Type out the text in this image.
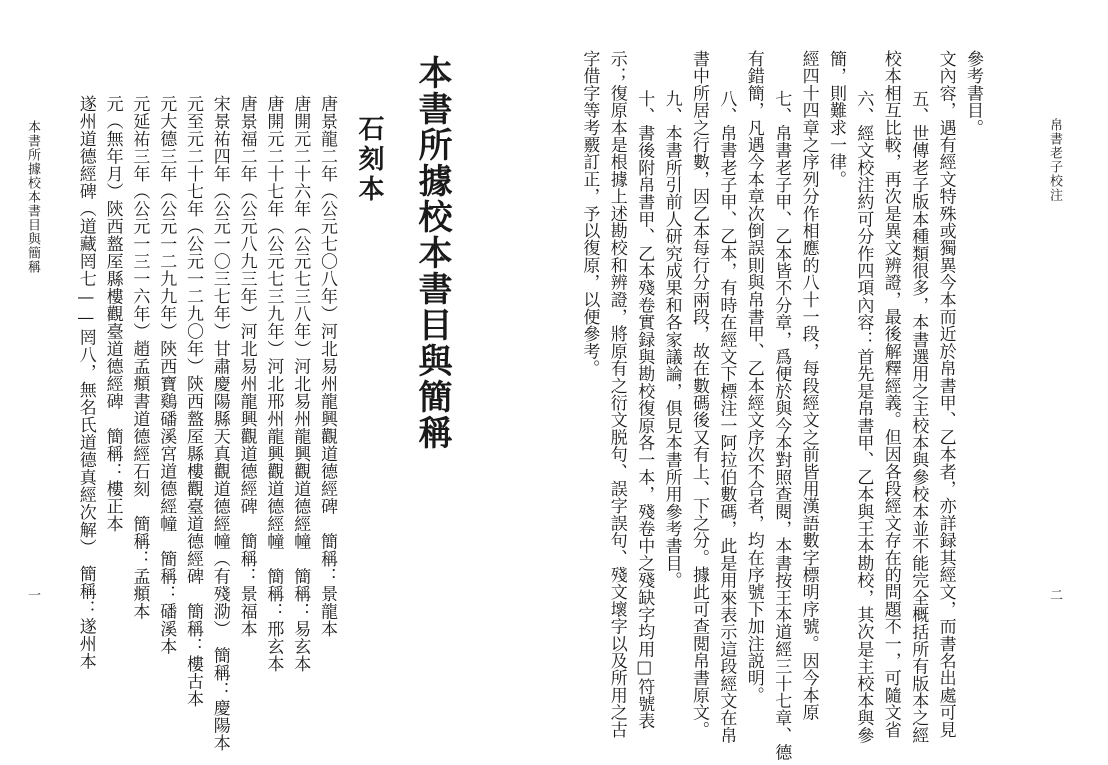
本書所據校本書目與簡稱
一
本書所據校本書目與簡稱
石刻本
唐景龍二年（公元七〇八年）河北易州龍興觀道德經碑　簡稱：景龍本
唐開元二十六年（公元七三八年）河北易州龍興觀道德經幢　簡稱：易玄本
唐開元二十七年（公元七三九年）河北邢州龍興觀道德經幢　簡稱：邢玄本
唐景福二年（公元八九三年）河北易州龍興觀道德經碑　簡稱：景福本
宋景祐四年（公元一〇三七年）甘肅慶陽縣天真觀道德經幢（有殘泐）　簡稱：慶陽本
元至元二十七年（公元一二九〇年）陝西盩厔縣樓觀臺道德經碑　簡稱：樓古本
元大德三年（公元一二九九年）陝西寶鷄磻溪宮道德經幢　簡稱：磻溪本
元延祐三年（公元一三一六年）趙孟頫書道德經石刻　簡稱：孟頫本
元（無年月）陝西盩厔縣樓觀臺道德經碑　簡稱：樓正本
遂州道德經碑（道藏罔七——罔八，無名氏道德真經次解）　簡稱：遂州本	帛書老子校注
二
參考書目。
文內容，遇有經文特殊或獨異今本而近於帛書甲、乙本者，亦詳録其經文，而書名出處可見
五、世傳老子版本種類很多，本書選用之主校本與參校本並不能完全概括所有版本之經
校本相互比較，再次是異文辨證，最後解釋經義。但因各段經文存在的問題不一，可隨文省
六、經文校注約可分作四項內容：首先是帛書甲、乙本與王本勘校，其次是主校本與參
簡，則難求一律。
經四十四章之序列分作相應的八十一段，每段經文之前皆用漢語數字標明序號。因今本原
七、帛書老子甲、乙本皆不分章，爲便於與今本對照查閱，本書按王本道經三十七章、德
有錯簡，凡遇今本章次倒誤則與帛書甲、乙本經文序次不合者，均在序號下加注説明。
八、帛書老子甲、乙本，有時在經文下標注一阿拉伯數碼，此是用來表示這段經文在帛
書中所居之行數，因乙本每行分兩段，故在數碼後又有上、下之分。據此可查閲帛書原文。
九、本書所引前人研究成果和各家議論，俱見本書所用參考書目。
十、書後附帛書甲、乙本殘卷實録與勘校復原各一本，殘卷中之殘缺字均用□符號表
示；復原本是根據上述勘校和辨證，將原有之衍文脱句、誤字誤句、殘文壞字以及所用之古
字借字等考覈訂正，予以復原，以便參考。
